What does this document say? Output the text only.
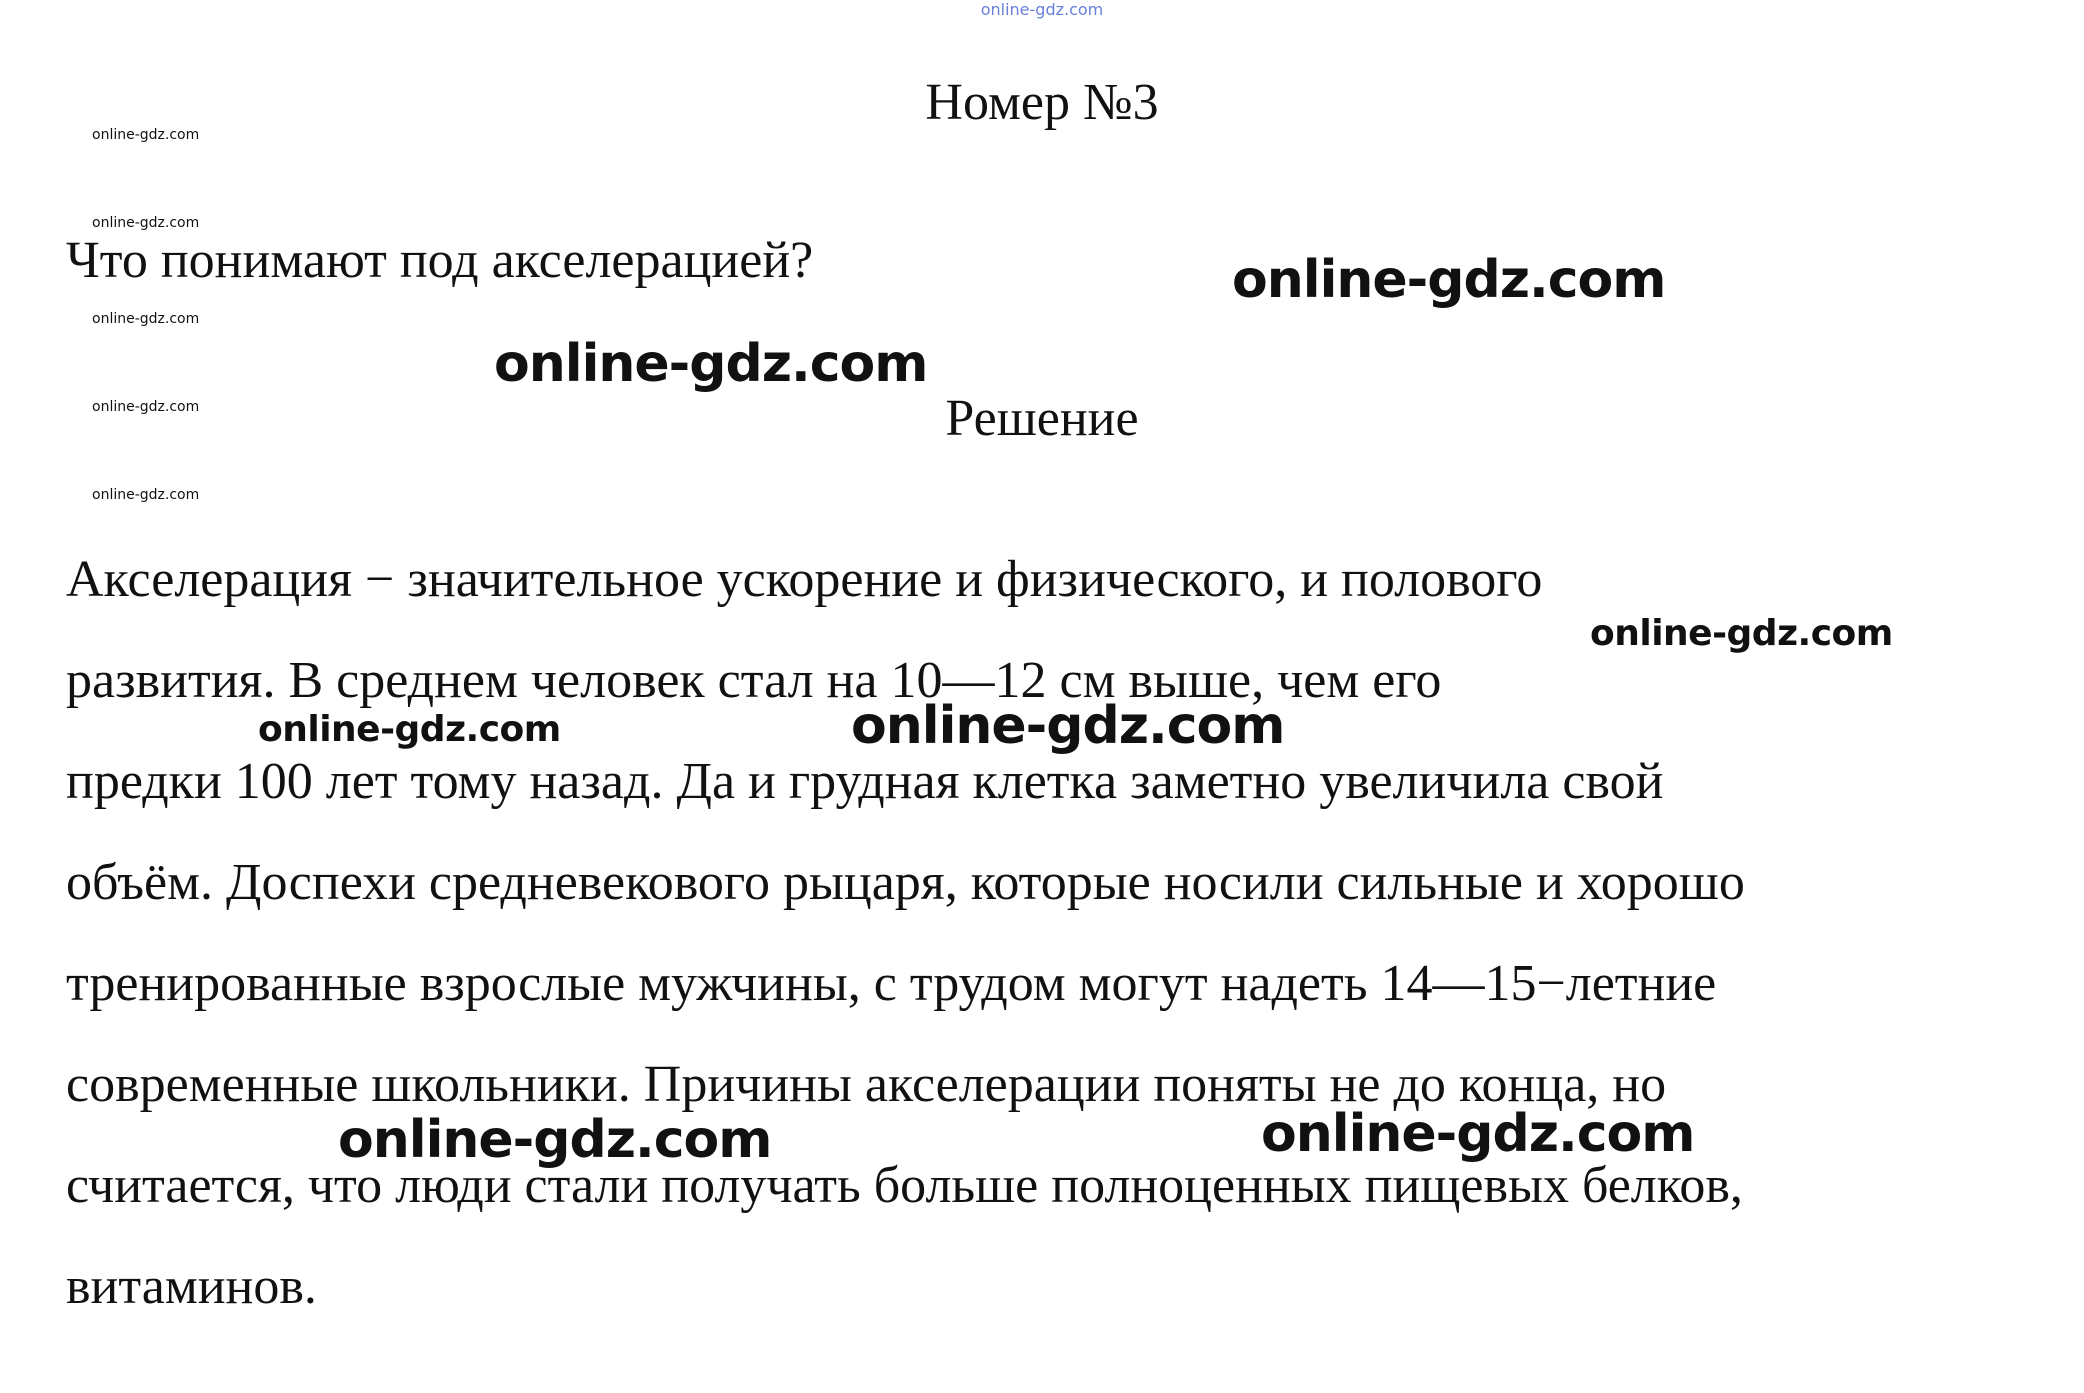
online-gdz.com
Номер №3
online-gdz.com
online-gdz.com
online-gdz.com
online-gdz.com
online-gdz.com
Что понимают под акселерацией?	online-gdz.com
online-gdz.com
Решение
Акселерация − значительное ускорение и физического, и полового
развития. В среднем человек стал на 10—12 см выше, чем его
предки 100 лет тому назад. Да и грудная клетка заметно увеличила свой
объём. Доспехи средневекового рыцаря, которые носили сильные и хорошо
тренированные взрослые мужчины, с трудом могут надеть 14—15−летние
современные школьники. Причины акселерации поняты не до конца, но
считается, что люди стали получать больше полноценных пищевых белков,
витаминов.
online-gdz.com
online-gdz.com	online-gdz.com
online-gdz.com	online-gdz.com
